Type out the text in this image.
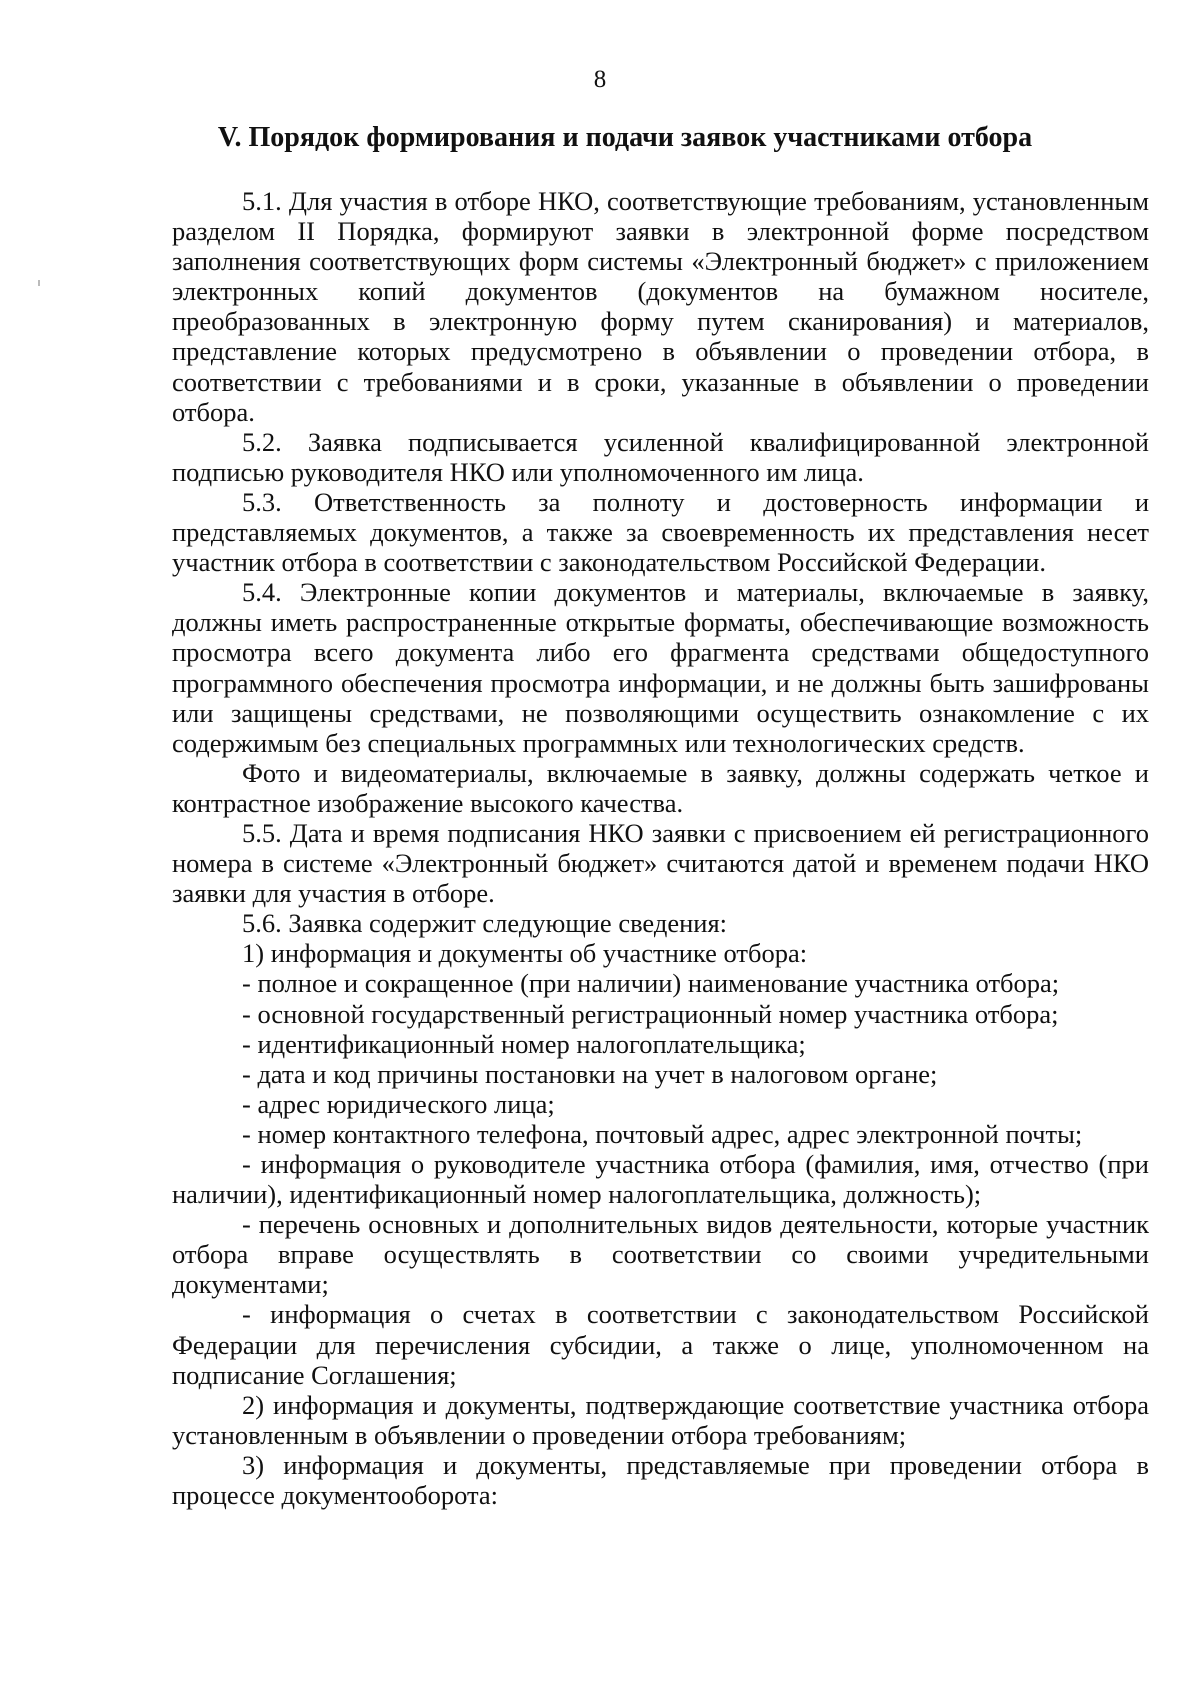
8
V. Порядок формирования и подачи заявок участниками отбора

5.1. Для участия в отборе НКО, соответствующие требованиям, установленным разделом II Порядка, формируют заявки в электронной форме посредством заполнения соответствующих форм системы «Электронный бюджет» с приложением электронных копий документов (документов на бумажном носителе, преобразованных в электронную форму путем сканирования) и материалов, представление которых предусмотрено в объявлении о проведении отбора, в соответствии с требованиями и в сроки, указанные в объявлении о проведении отбора.

5.2. Заявка подписывается усиленной квалифицированной электронной подписью руководителя НКО или уполномоченного им лица.

5.3. Ответственность за полноту и достоверность информации и представляемых документов, а также за своевременность их представления несет участник отбора в соответствии с законодательством Российской Федерации.

5.4. Электронные копии документов и материалы, включаемые в заявку, должны иметь распространенные открытые форматы, обеспечивающие возможность просмотра всего документа либо его фрагмента средствами общедоступного программного обеспечения просмотра информации, и не должны быть зашифрованы или защищены средствами, не позволяющими осуществить ознакомление с их содержимым без специальных программных или технологических средств.

Фото и видеоматериалы, включаемые в заявку, должны содержать четкое и контрастное изображение высокого качества.

5.5. Дата и время подписания НКО заявки с присвоением ей регистрационного номера в системе «Электронный бюджет» считаются датой и временем подачи НКО заявки для участия в отборе.

5.6. Заявка содержит следующие сведения:

1) информация и документы об участнике отбора:

- полное и сокращенное (при наличии) наименование участника отбора;

- основной государственный регистрационный номер участника отбора;

- идентификационный номер налогоплательщика;

- дата и код причины постановки на учет в налоговом органе;

- адрес юридического лица;

- номер контактного телефона, почтовый адрес, адрес электронной почты;

- информация о руководителе участника отбора (фамилия, имя, отчество (при наличии), идентификационный номер налогоплательщика, должность);

- перечень основных и дополнительных видов деятельности, которые участник отбора вправе осуществлять в соответствии со своими учредительными документами;

- информация о счетах в соответствии с законодательством Российской Федерации для перечисления субсидии, а также о лице, уполномоченном на подписание Соглашения;

2) информация и документы, подтверждающие соответствие участника отбора установленным в объявлении о проведении отбора требованиям;

3) информация и документы, представляемые при проведении отбора в процессе документооборота:
